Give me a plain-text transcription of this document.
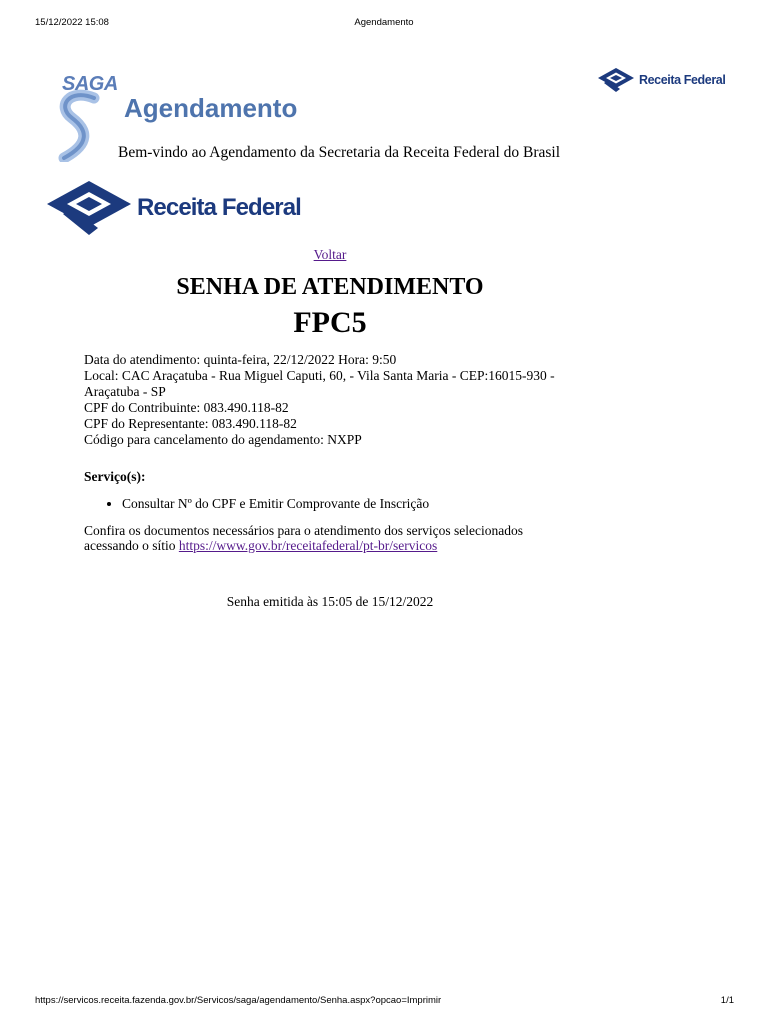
15/12/2022 15:08	Agendamento
SAGA
Agendamento
Bem-vindo ao Agendamento da Secretaria da Receita Federal do Brasil
Receita Federal
Receita Federal
Voltar
SENHA DE ATENDIMENTO
FPC5
Data do atendimento: quinta-feira, 22/12/2022 Hora: 9:50
Local: CAC Araçatuba - Rua Miguel Caputi, 60, - Vila Santa Maria - CEP:16015-930 -
Araçatuba - SP
CPF do Contribuinte: 083.490.118-82
CPF do Representante: 083.490.118-82
Código para cancelamento do agendamento: NXPP
Serviço(s):
• Consultar Nº do CPF e Emitir Comprovante de Inscrição
Confira os documentos necessários para o atendimento dos serviços selecionados acessando o sítio https://www.gov.br/receitafederal/pt-br/servicos
Senha emitida às 15:05 de 15/12/2022
https://servicos.receita.fazenda.gov.br/Servicos/saga/agendamento/Senha.aspx?opcao=Imprimir	1/1
